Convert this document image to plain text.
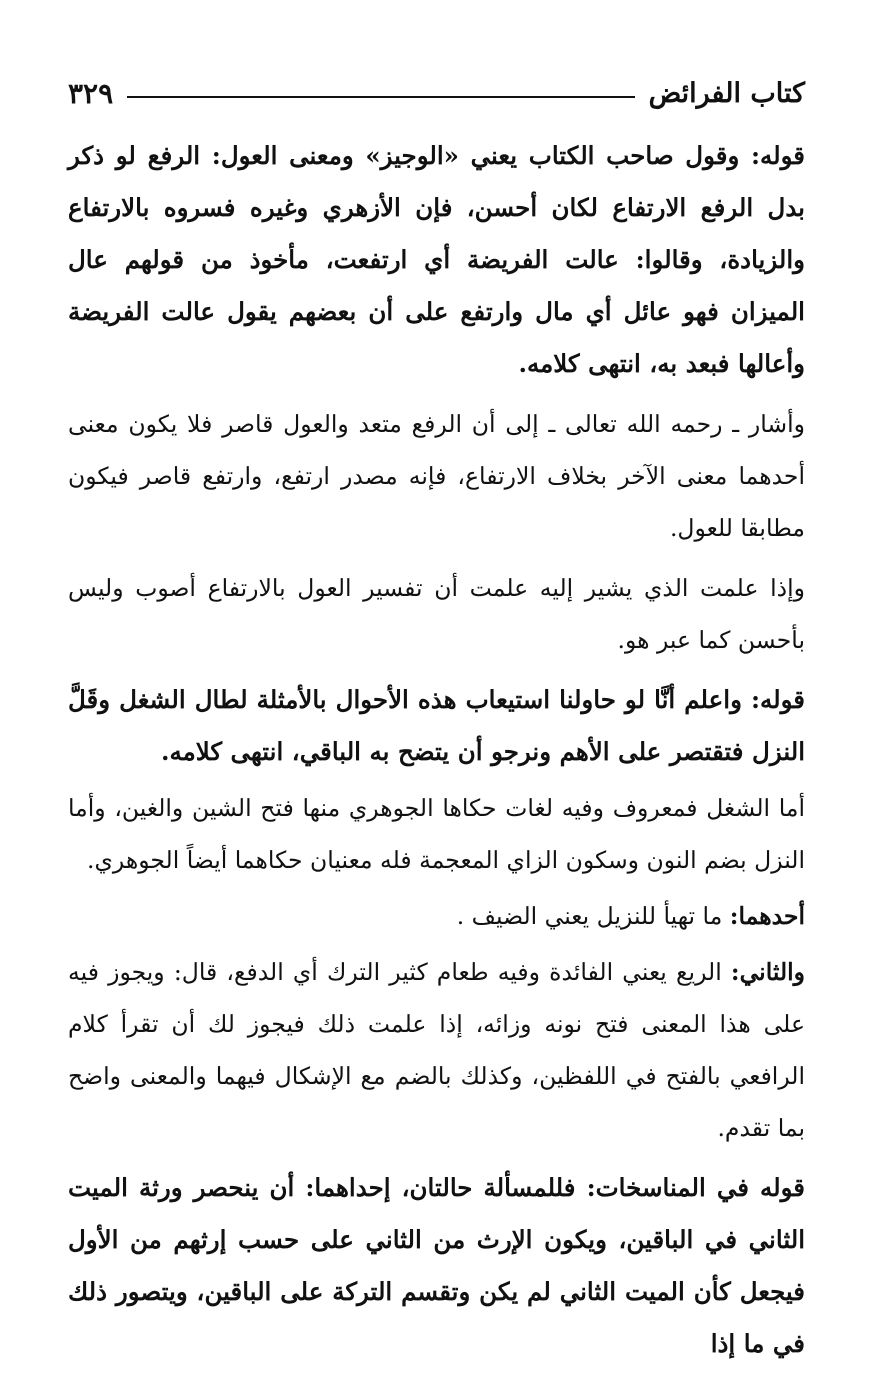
كتاب الفرائض
٣٢٩

قوله: وقول صاحب الكتاب يعني «الوجيز» ومعنى العول: الرفع لو ذكر بدل الرفع الارتفاع لكان أحسن، فإن الأزهري وغيره فسروه بالارتفاع والزيادة، وقالوا: عالت الفريضة أي ارتفعت، مأخوذ من قولهم عال الميزان فهو عائل أي مال وارتفع على أن بعضهم يقول عالت الفريضة وأعالها فبعد به، انتهى كلامه.

وأشار ـ رحمه الله تعالى ـ إلى أن الرفع متعد والعول قاصر فلا يكون معنى أحدهما معنى الآخر بخلاف الارتفاع، فإنه مصدر ارتفع، وارتفع قاصر فيكون مطابقا للعول.

وإذا علمت الذي يشير إليه علمت أن تفسير العول بالارتفاع أصوب وليس بأحسن كما عبر هو.

قوله: واعلم أنَّا لو حاولنا استيعاب هذه الأحوال بالأمثلة لطال الشغل وقَلَّ النزل فتقتصر على الأهم ونرجو أن يتضح به الباقي، انتهى كلامه.

أما الشغل فمعروف وفيه لغات حكاها الجوهري منها فتح الشين والغين، وأما النزل بضم النون وسكون الزاي المعجمة فله معنيان حكاهما أيضاً الجوهري.

أحدهما: ما تهيأ للنزيل يعني الضيف .

والثاني: الريع يعني الفائدة وفيه طعام كثير الترك أي الدفع، قال: ويجوز فيه على هذا المعنى فتح نونه وزائه، إذا علمت ذلك فيجوز لك أن تقرأ كلام الرافعي بالفتح في اللفظين، وكذلك بالضم مع الإشكال فيهما والمعنى واضح بما تقدم.

قوله في المناسخات: فللمسألة حالتان، إحداهما: أن ينحصر ورثة الميت الثاني في الباقين، ويكون الإرث من الثاني على حسب إرثهم من الأول فيجعل كأن الميت الثاني لم يكن وتقسم التركة على الباقين، ويتصور ذلك في ما إذا
